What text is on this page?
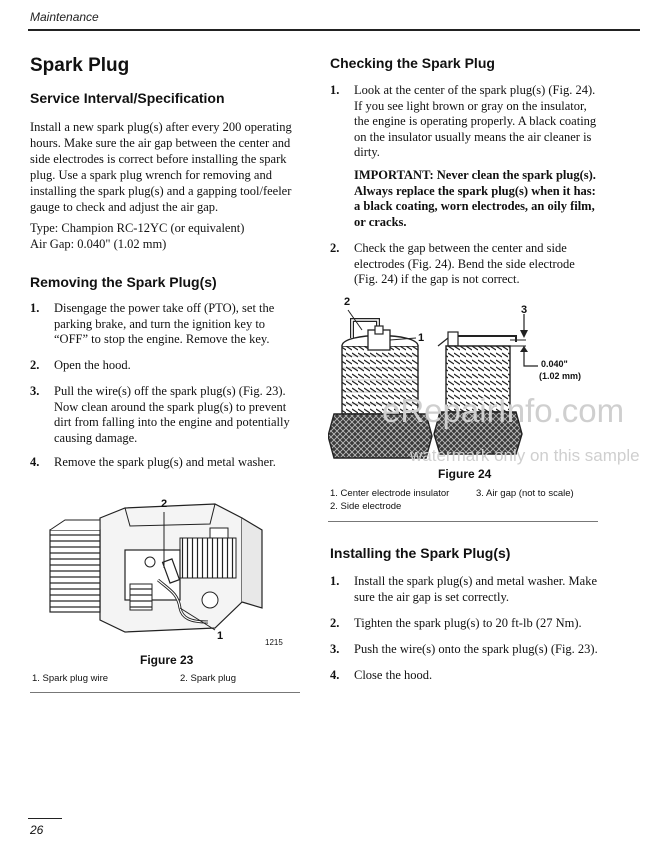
Maintenance
Spark Plug
Service Interval/Specification
Install a new spark plug(s) after every 200 operating
hours. Make sure the air gap between the center and
side electrodes is correct before installing the spark
plug. Use a spark plug wrench for removing and
installing the spark plug(s) and a gapping tool/feeler
gauge to check and adjust the air gap.
Type: Champion RC-12YC (or equivalent)
Air Gap: 0.040" (1.02 mm)
Removing the Spark Plug(s)
1. Disengage the power take off (PTO), set the
parking brake, and turn the ignition key to
“OFF” to stop the engine. Remove the key.
2. Open the hood.
3. Pull the wire(s) off the spark plug(s) (Fig. 23).
Now clean around the spark plug(s) to prevent
dirt from falling into the engine and potentially
causing damage.
4. Remove the spark plug(s) and metal washer.
2
1
1215
Figure 23
1. Spark plug wire	2. Spark plug
Checking the Spark Plug
1. Look at the center of the spark plug(s) (Fig. 24).
If you see light brown or gray on the insulator,
the engine is operating properly. A black coating
on the insulator usually means the air cleaner is
dirty.
IMPORTANT: Never clean the spark plug(s).
Always replace the spark plug(s) when it has:
a black coating, worn electrodes, an oily film,
or cracks.
2. Check the gap between the center and side
electrodes (Fig. 24). Bend the side electrode
(Fig. 24) if the gap is not correct.
2
1
3
0.040"
(1.02 mm)
Figure 24
1. Center electrode insulator	3. Air gap (not to scale)
2. Side electrode
Installing the Spark Plug(s)
1. Install the spark plug(s) and metal washer. Make
sure the air gap is set correctly.
2. Tighten the spark plug(s) to 20 ft-lb (27 Nm).
3. Push the wire(s) onto the spark plug(s) (Fig. 23).
4. Close the hood.
eRepairInfo.com
watermark only on this sample
26
